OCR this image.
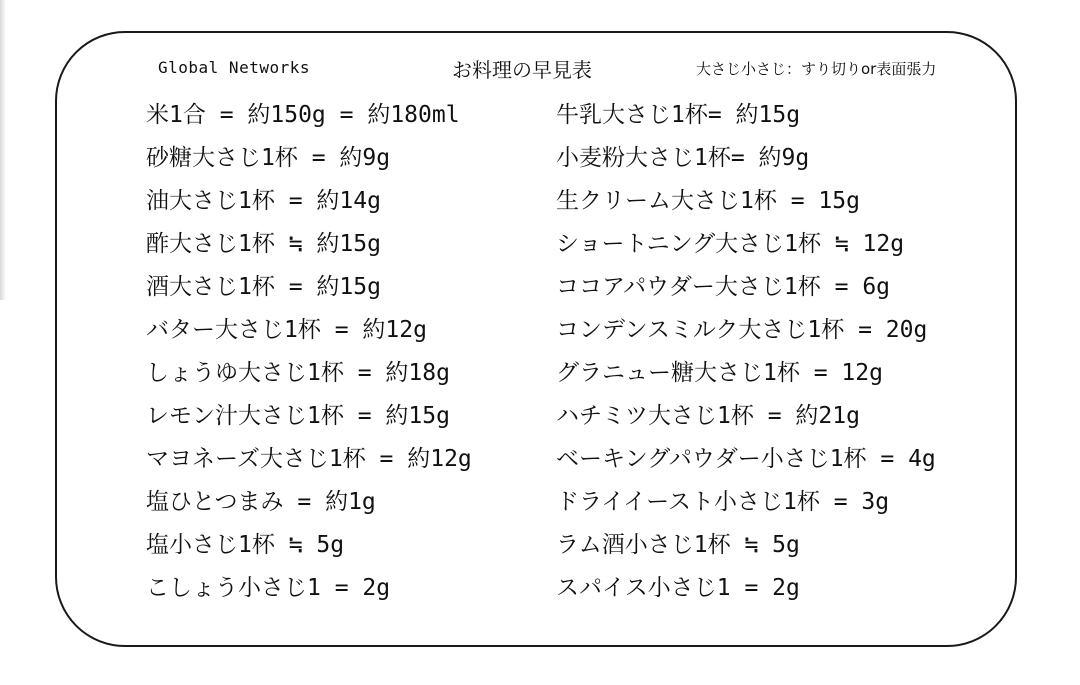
Global Networks	お料理の早見表	大さじ小さじ：すり切りor表面張力
米1合 = 約150g = 約180ml
砂糖大さじ1杯 = 約9g
油大さじ1杯 = 約14g
酢大さじ1杯 ≒ 約15g
酒大さじ1杯 = 約15g
バター大さじ1杯 = 約12g
しょうゆ大さじ1杯 = 約18g
レモン汁大さじ1杯 = 約15g
マヨネーズ大さじ1杯 = 約12g
塩ひとつまみ = 約1g
塩小さじ1杯 ≒ 5g
こしょう小さじ1 = 2g
牛乳大さじ1杯= 約15g
小麦粉大さじ1杯= 約9g
生クリーム大さじ1杯 = 15g
ショートニング大さじ1杯 ≒ 12g
ココアパウダー大さじ1杯 = 6g
コンデンスミルク大さじ1杯 = 20g
グラニュー糖大さじ1杯 = 12g
ハチミツ大さじ1杯 = 約21g
ベーキングパウダー小さじ1杯 = 4g
ドライイースト小さじ1杯 = 3g
ラム酒小さじ1杯 ≒ 5g
スパイス小さじ1 = 2g
